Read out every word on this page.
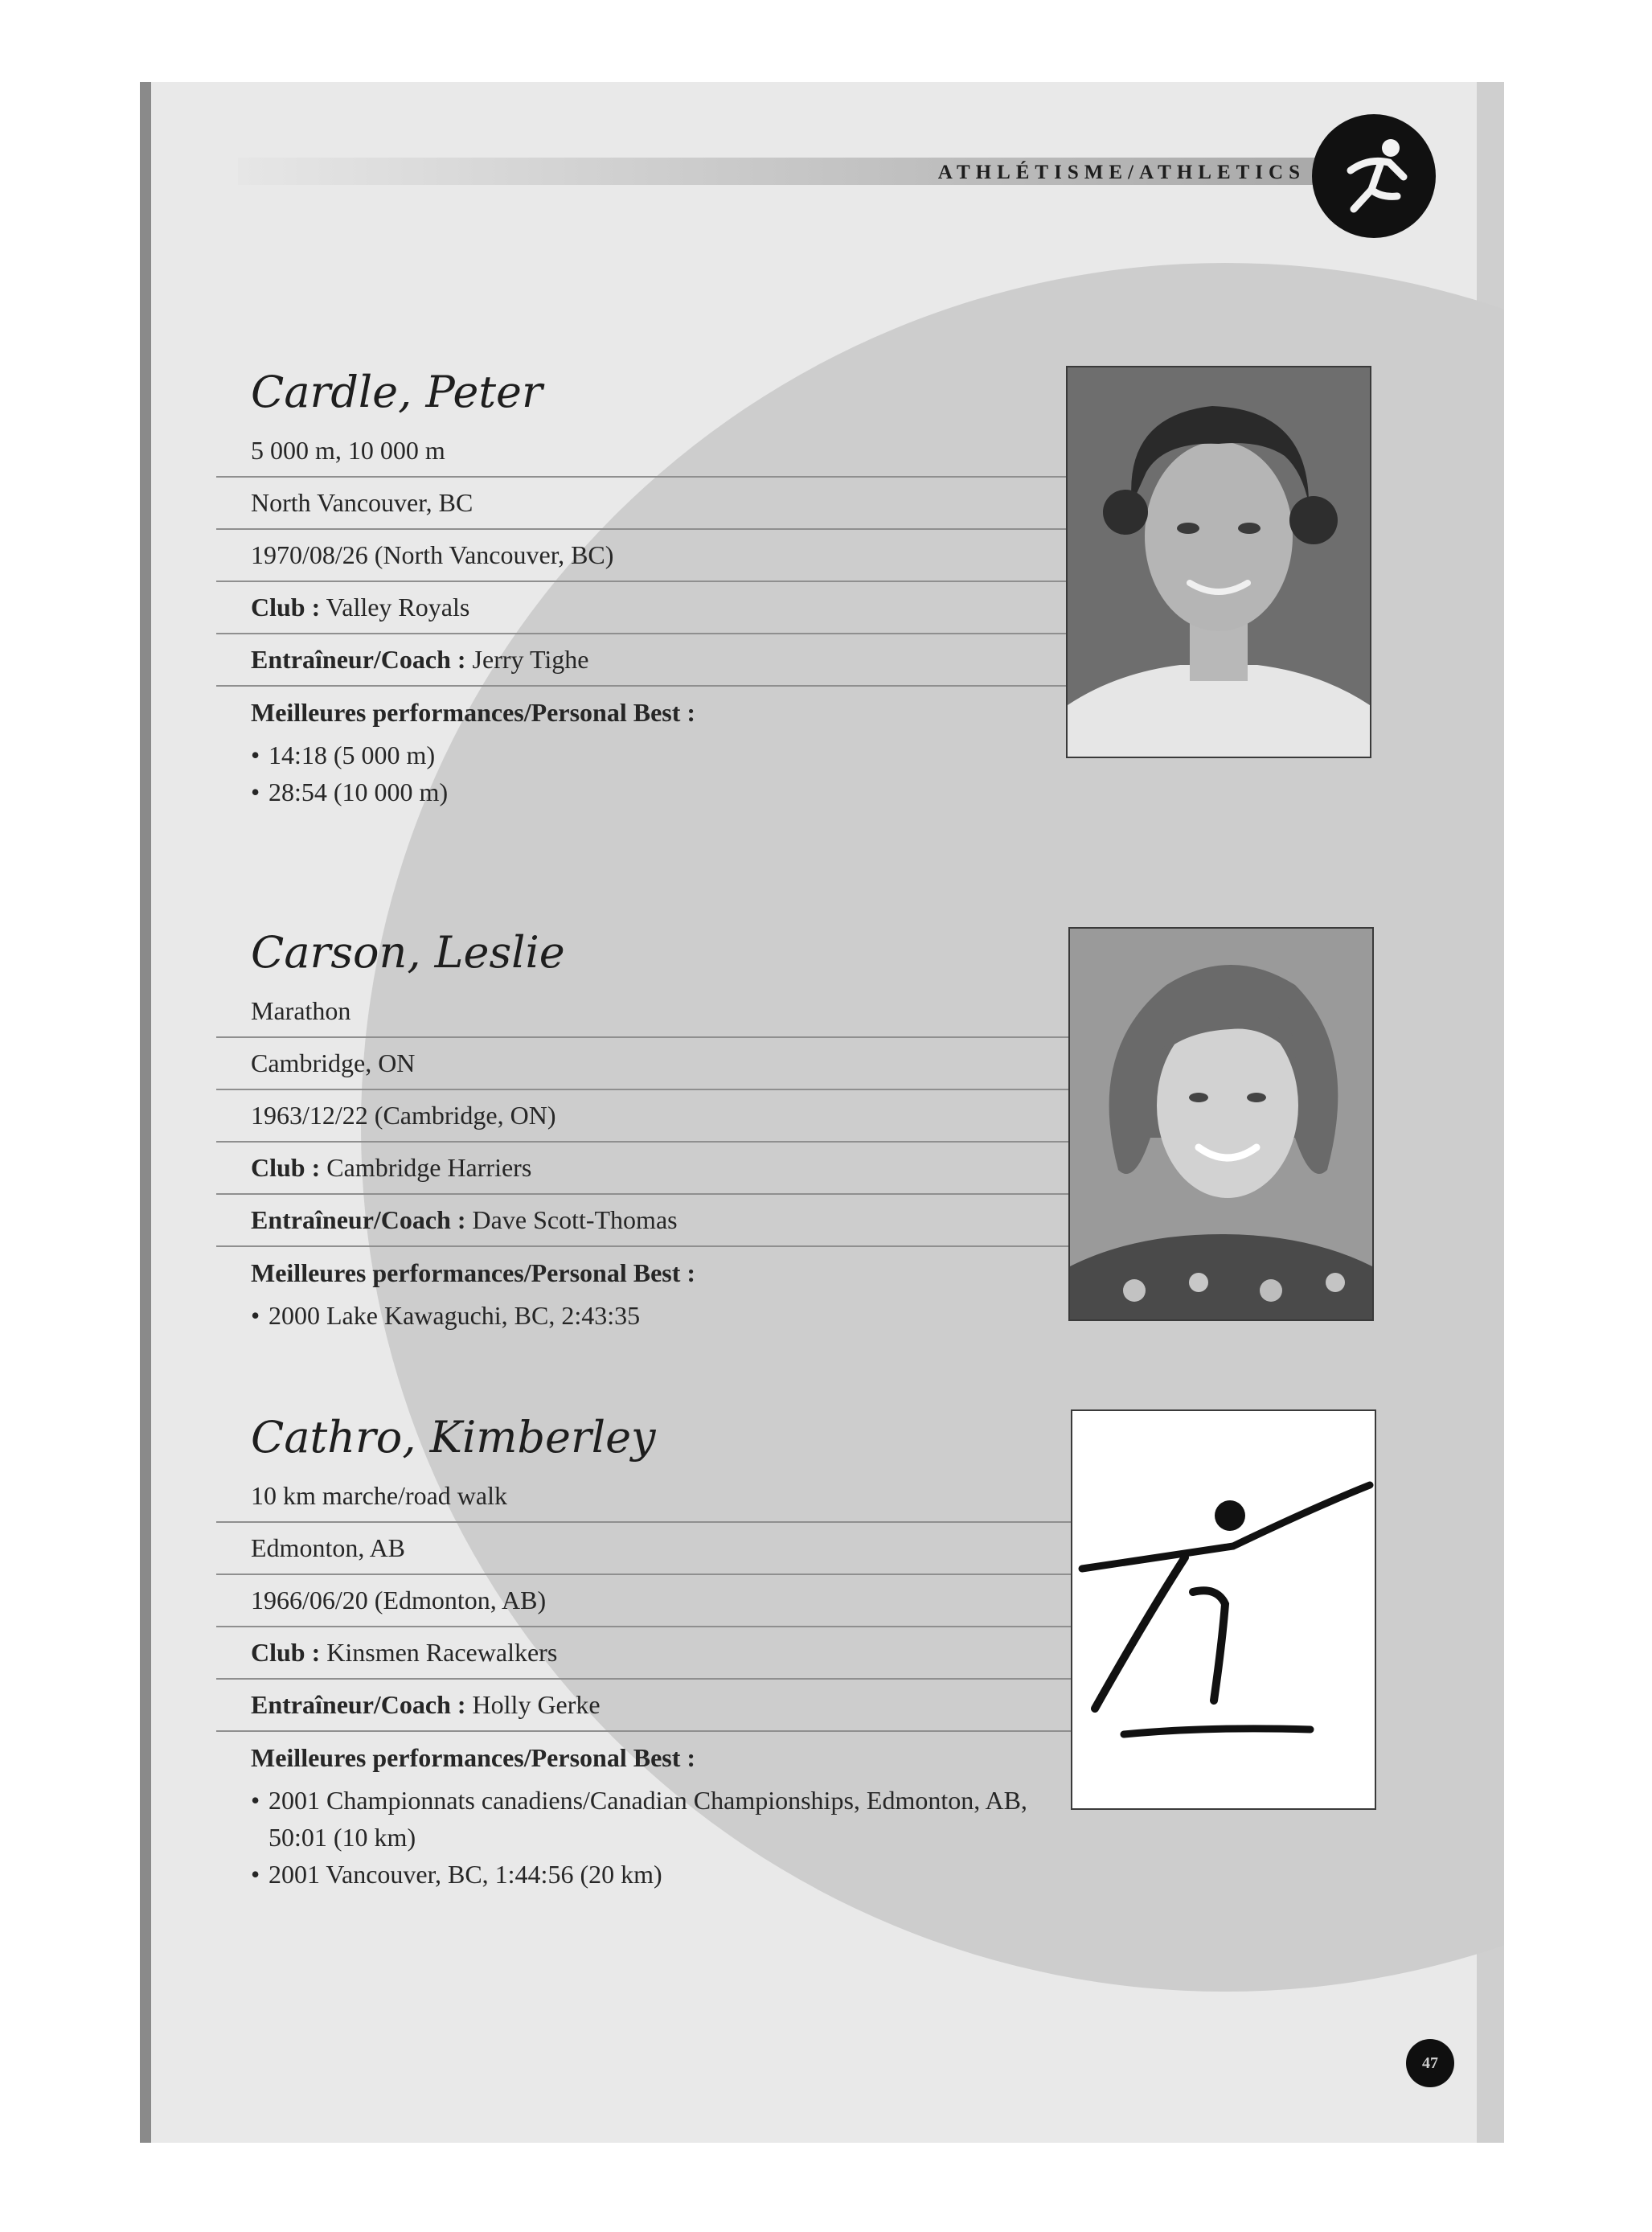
ATHLÉTISME/ATHLETICS
Cardle, Peter
5 000 m, 10 000 m
North Vancouver, BC
1970/08/26 (North Vancouver, BC)
Club : Valley Royals
Entraîneur/Coach : Jerry Tighe
Meilleures performances/Personal Best :
• 14:18 (5 000 m)
• 28:54 (10 000 m)
Carson, Leslie
Marathon
Cambridge, ON
1963/12/22 (Cambridge, ON)
Club : Cambridge Harriers
Entraîneur/Coach : Dave Scott-Thomas
Meilleures performances/Personal Best :
• 2000 Lake Kawaguchi, BC, 2:43:35
Cathro, Kimberley
10 km marche/road walk
Edmonton, AB
1966/06/20 (Edmonton, AB)
Club : Kinsmen Racewalkers
Entraîneur/Coach : Holly Gerke
Meilleures performances/Personal Best :
• 2001 Championnats canadiens/Canadian Championships, Edmonton, AB, 50:01 (10 km)
• 2001 Vancouver, BC, 1:44:56 (20 km)
47
